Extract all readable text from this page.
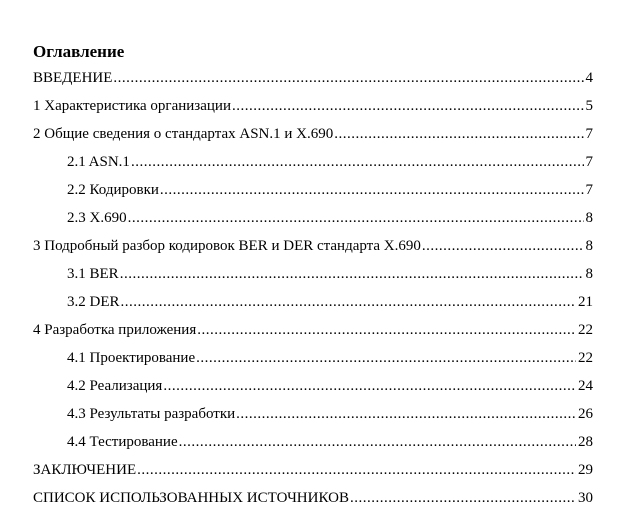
Оглавление
ВВЕДЕНИЕ .....	4
1 Характеристика организации .....	5
2 Общие сведения о стандартах ASN.1 и X.690 .....	7
2.1 ASN.1 .....	7
2.2 Кодировки .....	7
2.3 X.690 .....	8
3 Подробный разбор кодировок BER и DER стандарта X.690 .....	8
3.1 BER .....	8
3.2 DER .....	21
4 Разработка приложения .....	22
4.1 Проектирование .....	22
4.2 Реализация .....	24
4.3 Результаты разработки .....	26
4.4 Тестирование .....	28
ЗАКЛЮЧЕНИЕ .....	29
СПИСОК ИСПОЛЬЗОВАННЫХ ИСТОЧНИКОВ .....	30
